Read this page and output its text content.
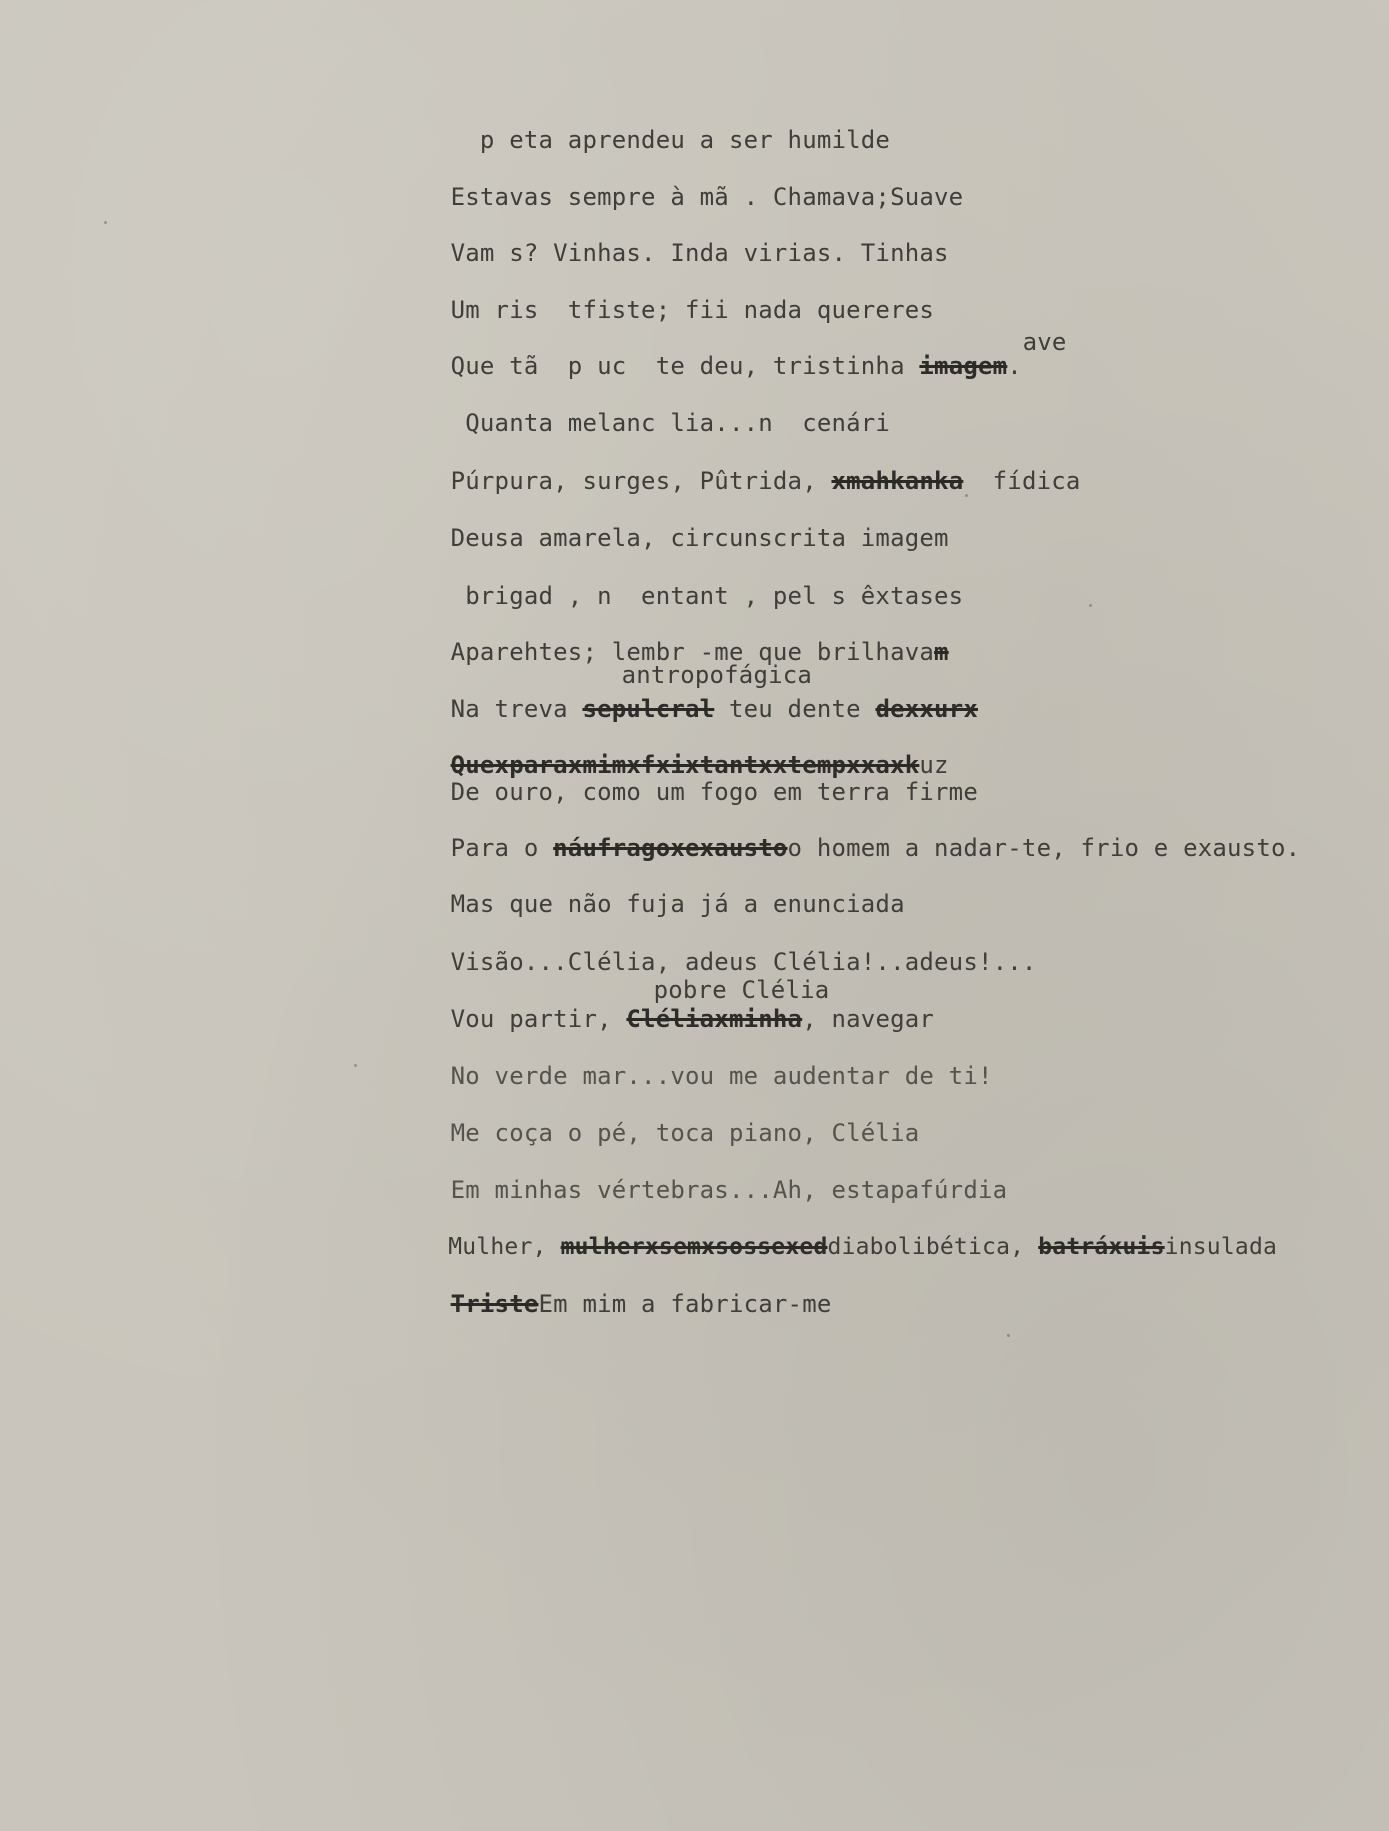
p eta aprendeu a ser humilde

Estavas sempre à mã . Chamava;Suave

Vam s? Vinhas. Inda virias. Tinhas

Um ris  tfiste; fii nada quereres

ave

Que tã  p uc  te deu, tristinha imagem.

Quanta melanc lia...n  cenári

Púrpura, surges, Pûtrida, xmahkanka  fídica

Deusa amarela, circunscrita imagem

brigad , n  entant , pel s êxtases

Aparehtes; lembr -me que brilhavam

antropofágica

Na treva sepulcral teu dente dexxurx

Quexparaxmimxfxixtantxxtempxxaxkuz

De ouro, como um fogo em terra firme

Para o náufragoxexaustoo homem a nadar-te, frio e exausto.

Mas que não fuja já a enunciada

Visão...Clélia, adeus Clélia!..adeus!...

pobre Clélia

Vou partir, Cléliaxminha, navegar

No verde mar...vou me audentar de ti!

Me coça o pé, toca piano, Clélia

Em minhas vértebras...Ah, estapafúrdia

Mulher, mulherxsemxsossexeddiabolibética, batráxuisinsulada

TristeEm mim a fabricar-me
